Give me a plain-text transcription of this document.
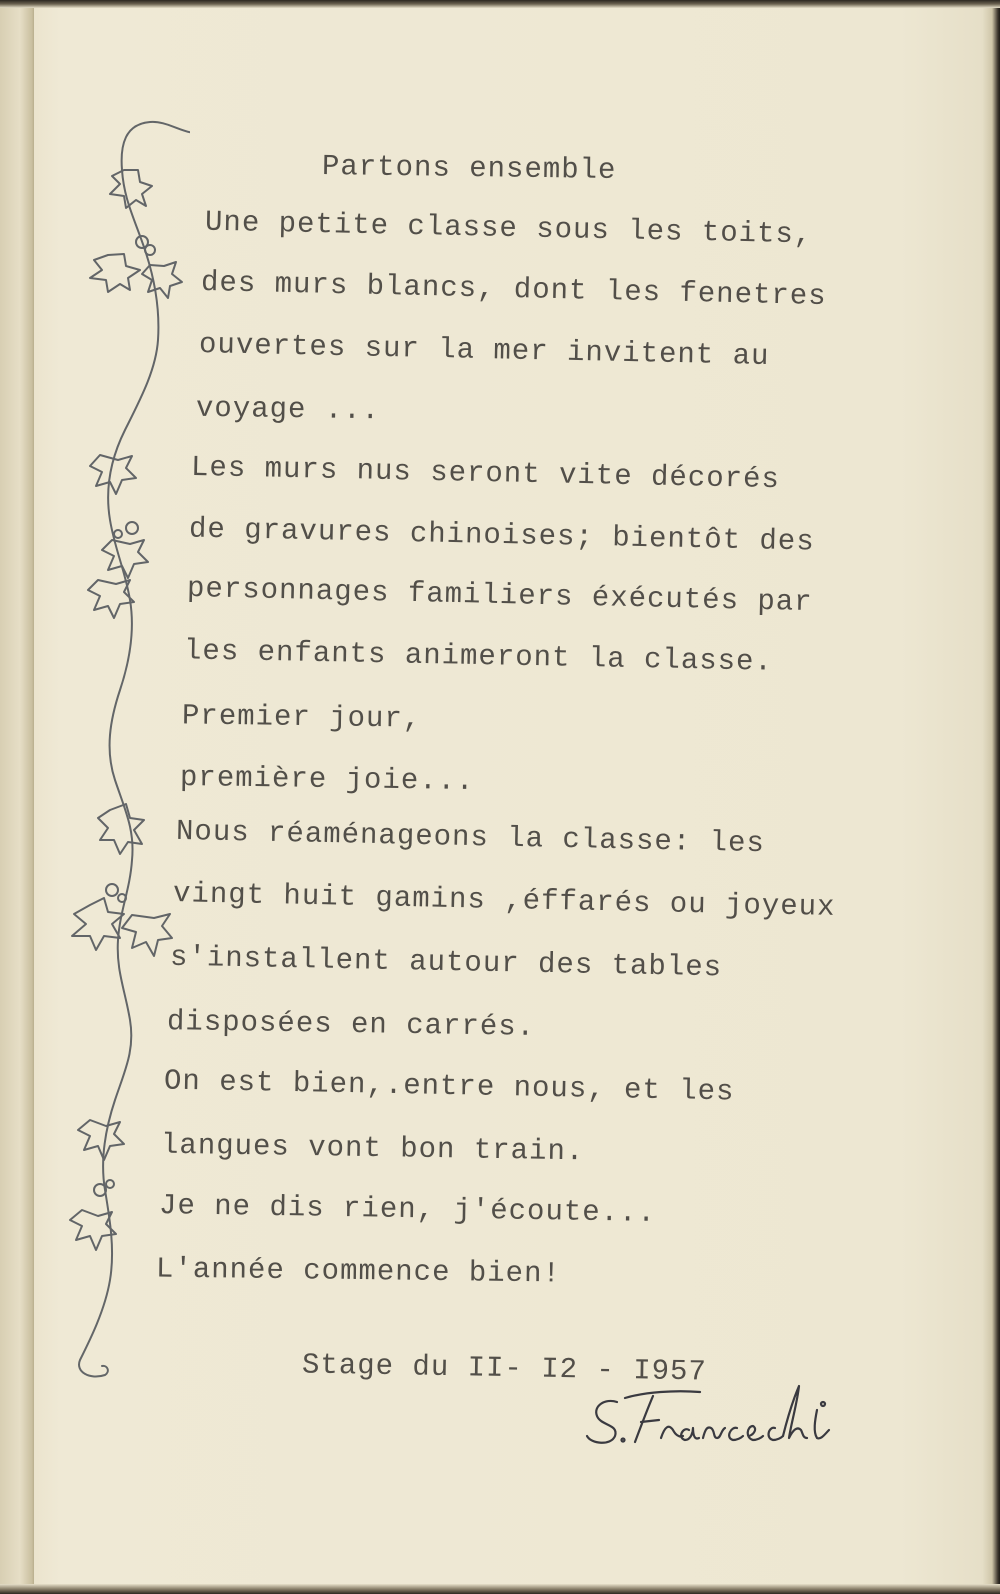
Partons ensemble

Une petite classe sous les toits,

des murs blancs, dont les fenetres

ouvertes sur la mer invitent au

voyage ...

Les murs nus seront vite décorés

de gravures chinoises; bientôt des

personnages familiers éxécutés par

les enfants animeront la classe.

Premier jour,

première joie...

Nous réaménageons la classe: les

vingt huit gamins ,éffarés ou joyeux

s'installent autour des tables

disposées en carrés.

On est bien,.entre nous, et les

langues vont bon train.

Je ne dis rien, j'écoute...

L'année commence bien!

Stage du II- I2 - I957
